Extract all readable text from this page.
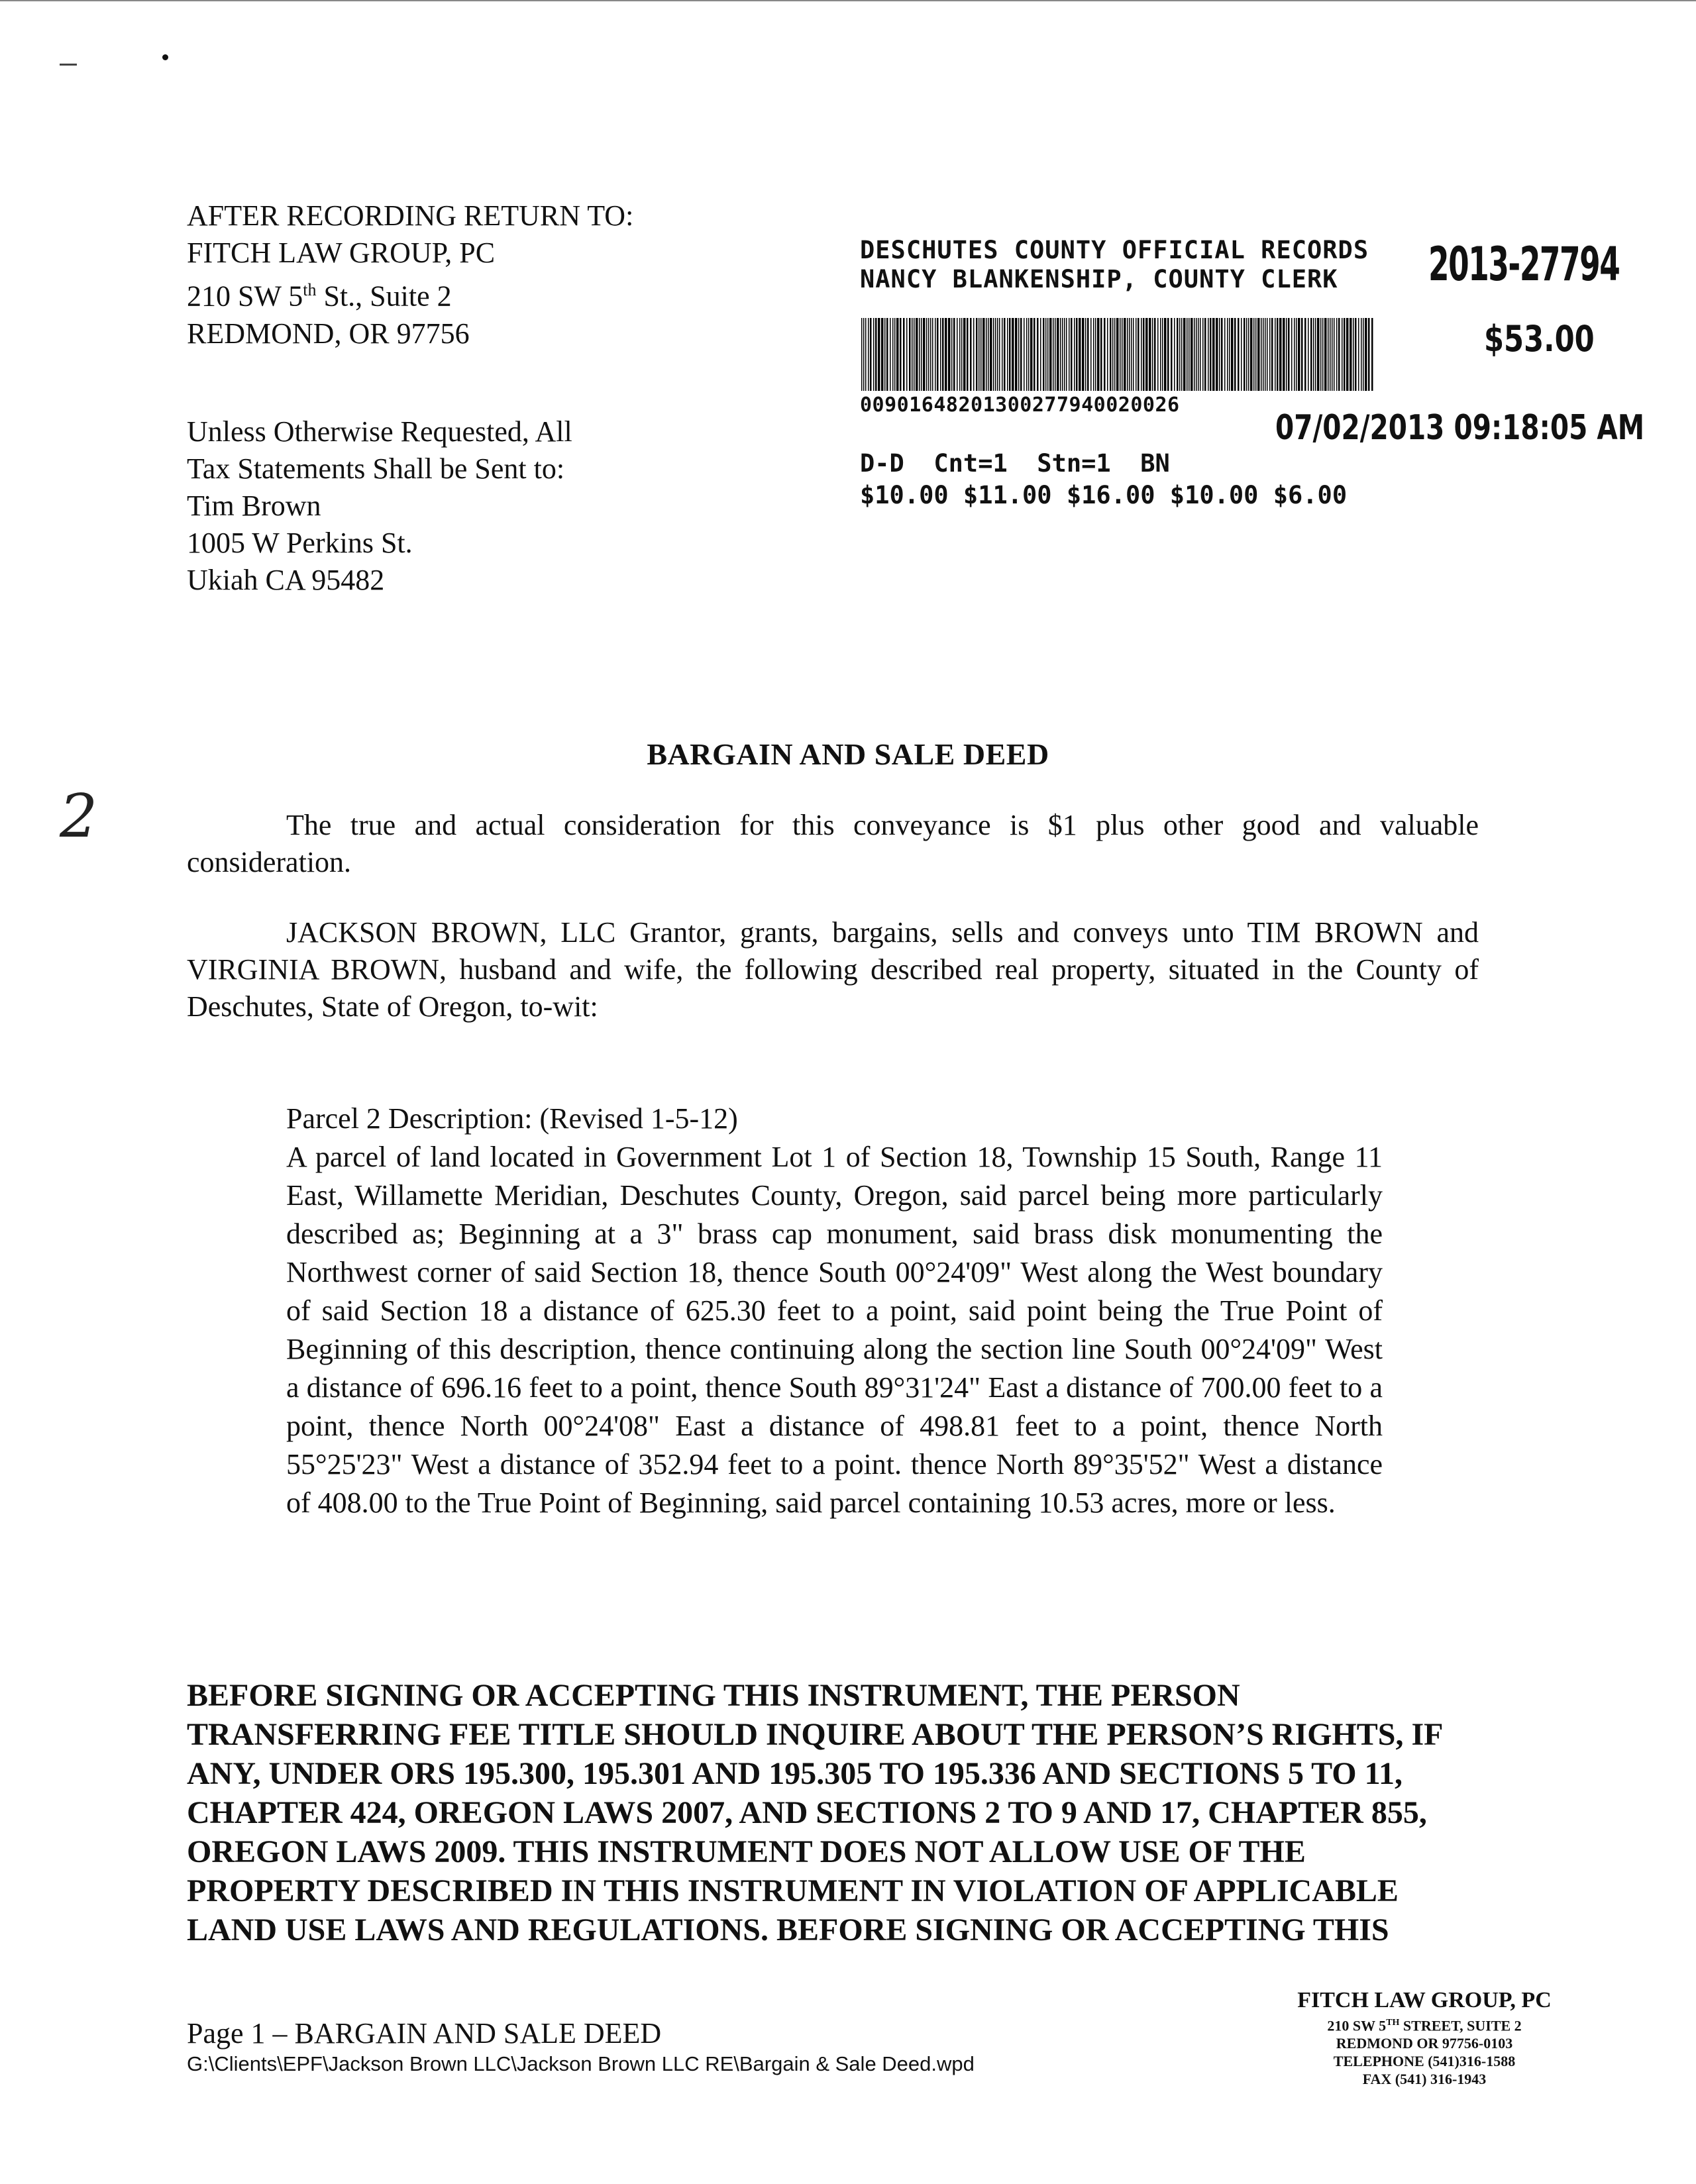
AFTER RECORDING RETURN TO:
FITCH LAW GROUP, PC
210 SW 5th St., Suite 2
REDMOND, OR 97756
Unless Otherwise Requested, All
Tax Statements Shall be Sent to:
Tim Brown
1005 W Perkins St.
Ukiah CA 95482
DESCHUTES COUNTY OFFICIAL RECORDS
NANCY BLANKENSHIP, COUNTY CLERK	2013-27794
$53.00
00901648201300277940020026
07/02/2013 09:18:05 AM
D-D  Cnt=1  Stn=1  BN
$10.00 $11.00 $16.00 $10.00 $6.00
2
BARGAIN AND SALE DEED
The true and actual consideration for this conveyance is $1 plus other good and valuable consideration.
JACKSON BROWN, LLC Grantor, grants, bargains, sells and conveys unto TIM BROWN and VIRGINIA BROWN, husband and wife, the following described real property, situated in the County of Deschutes, State of Oregon, to-wit:
Parcel 2 Description: (Revised 1-5-12)
A parcel of land located in Government Lot 1 of Section 18, Township 15 South, Range 11 East, Willamette Meridian, Deschutes County, Oregon, said parcel being more particularly described as; Beginning at a 3" brass cap monument, said brass disk monumenting the Northwest corner of said Section 18, thence South 00°24'09" West along the West boundary of said Section 18 a distance of 625.30 feet to a point, said point being the True Point of Beginning of this description, thence continuing along the section line South 00°24'09" West a distance of 696.16 feet to a point, thence South 89°31'24" East a distance of 700.00 feet to a point, thence North 00°24'08" East a distance of 498.81 feet to a point, thence North 55°25'23" West a distance of 352.94 feet to a point. thence North 89°35'52" West a distance of 408.00 to the True Point of Beginning, said parcel containing 10.53 acres, more or less.
BEFORE SIGNING OR ACCEPTING THIS INSTRUMENT, THE PERSON TRANSFERRING FEE TITLE SHOULD INQUIRE ABOUT THE PERSON’S RIGHTS, IF ANY, UNDER ORS 195.300, 195.301 AND 195.305 TO 195.336 AND SECTIONS 5 TO 11, CHAPTER 424, OREGON LAWS 2007, AND SECTIONS 2 TO 9 AND 17, CHAPTER 855, OREGON LAWS 2009. THIS INSTRUMENT DOES NOT ALLOW USE OF THE PROPERTY DESCRIBED IN THIS INSTRUMENT IN VIOLATION OF APPLICABLE LAND USE LAWS AND REGULATIONS. BEFORE SIGNING OR ACCEPTING THIS
Page 1 – BARGAIN AND SALE DEED
G:\Clients\EPF\Jackson Brown LLC\Jackson Brown LLC RE\Bargain & Sale Deed.wpd
FITCH LAW GROUP, PC
210 SW 5TH STREET, SUITE 2
REDMOND OR 97756-0103
TELEPHONE (541)316-1588
FAX (541) 316-1943
